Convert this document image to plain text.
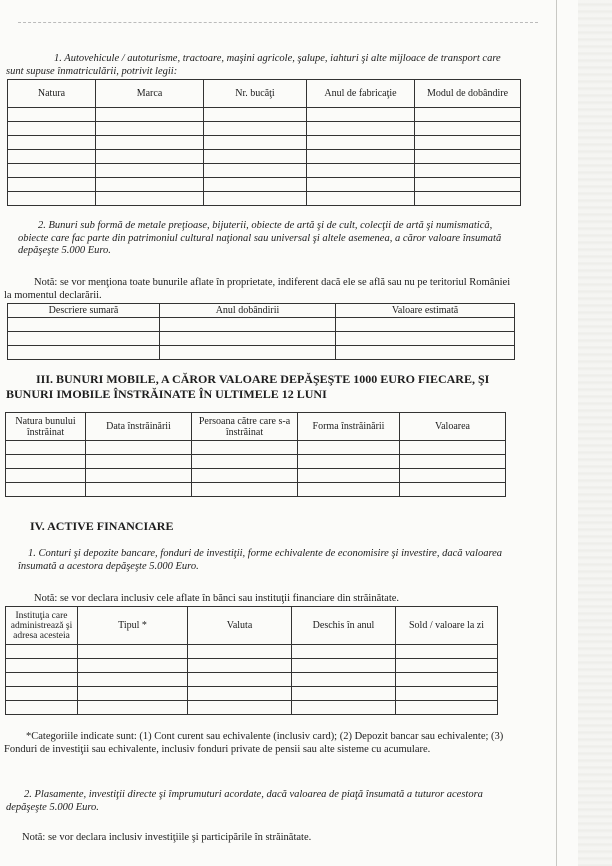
1. Autovehicule / autoturisme, tractoare, maşini agricole, şalupe, iahturi şi alte mijloace de transport care sunt supuse înmatriculării, potrivit legii:
Natura	Marca	Nr. bucăţi	Anul de fabricaţie	Modul de dobândire

2. Bunuri sub formă de metale preţioase, bijuterii, obiecte de artă şi de cult, colecţii de artă şi numismatică, obiecte care fac parte din patrimoniul cultural naţional sau universal şi altele asemenea, a căror valoare însumată depăşeşte 5.000 Euro.
Notă: se vor menţiona toate bunurile aflate în proprietate, indiferent dacă ele se află sau nu pe teritoriul României la momentul declarării.
Descriere sumară	Anul dobândirii	Valoare estimată

III. BUNURI MOBILE, A CĂROR VALOARE DEPĂŞEŞTE 1000 EURO FIECARE, ŞI BUNURI IMOBILE ÎNSTRĂINATE ÎN ULTIMELE 12 LUNI
Natura bunului înstrăinat	Data înstrăinării	Persoana către care s-a înstrăinat	Forma înstrăinării	Valoarea

IV. ACTIVE FINANCIARE
1. Conturi şi depozite bancare, fonduri de investiţii, forme echivalente de economisire şi investire, dacă valoarea însumată a acestora depăşeşte 5.000 Euro.
Notă: se vor declara inclusiv cele aflate în bănci sau instituţii financiare din străinătate.
Instituţia care administrează şi adresa acesteia	Tipul *	Valuta	Deschis în anul	Sold / valoare la zi

*Categoriile indicate sunt: (1) Cont curent sau echivalente (inclusiv card); (2) Depozit bancar sau echivalente; (3) Fonduri de investiţii sau echivalente, inclusiv fonduri private de pensii sau alte sisteme cu acumulare.
2. Plasamente, investiţii directe şi împrumuturi acordate, dacă valoarea de piaţă însumată a tuturor acestora depăşeşte 5.000 Euro.
Notă: se vor declara inclusiv investiţiile şi participările în străinătate.
